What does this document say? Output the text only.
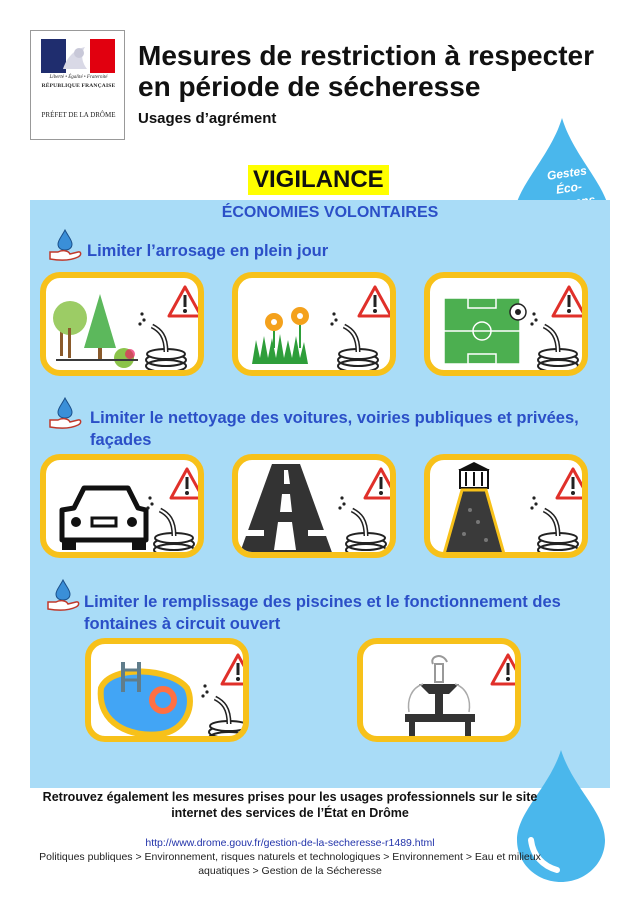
Liberté • Égalité • Fraternité
RÉPUBLIQUE FRANÇAISE
PRÉFET DE LA DRÔME
Mesures de restriction à respecter en période de sécheresse
Usages d’agrément
Gestes
Éco-
VIGILANCE
ÉCONOMIES VOLONTAIRES
Limiter l’arrosage en plein jour
Limiter le nettoyage des voitures, voiries publiques et privées, façades
Limiter le remplissage des piscines et le fonctionnement des fontaines à circuit ouvert
Retrouvez également les mesures prises pour les usages professionnels sur le site internet des services de l’État en Drôme
http://www.drome.gouv.fr/gestion-de-la-secheresse-r1489.html
Politiques publiques > Environnement, risques naturels et technologiques > Environnement > Eau et milieux aquatiques > Gestion de la Sécheresse
